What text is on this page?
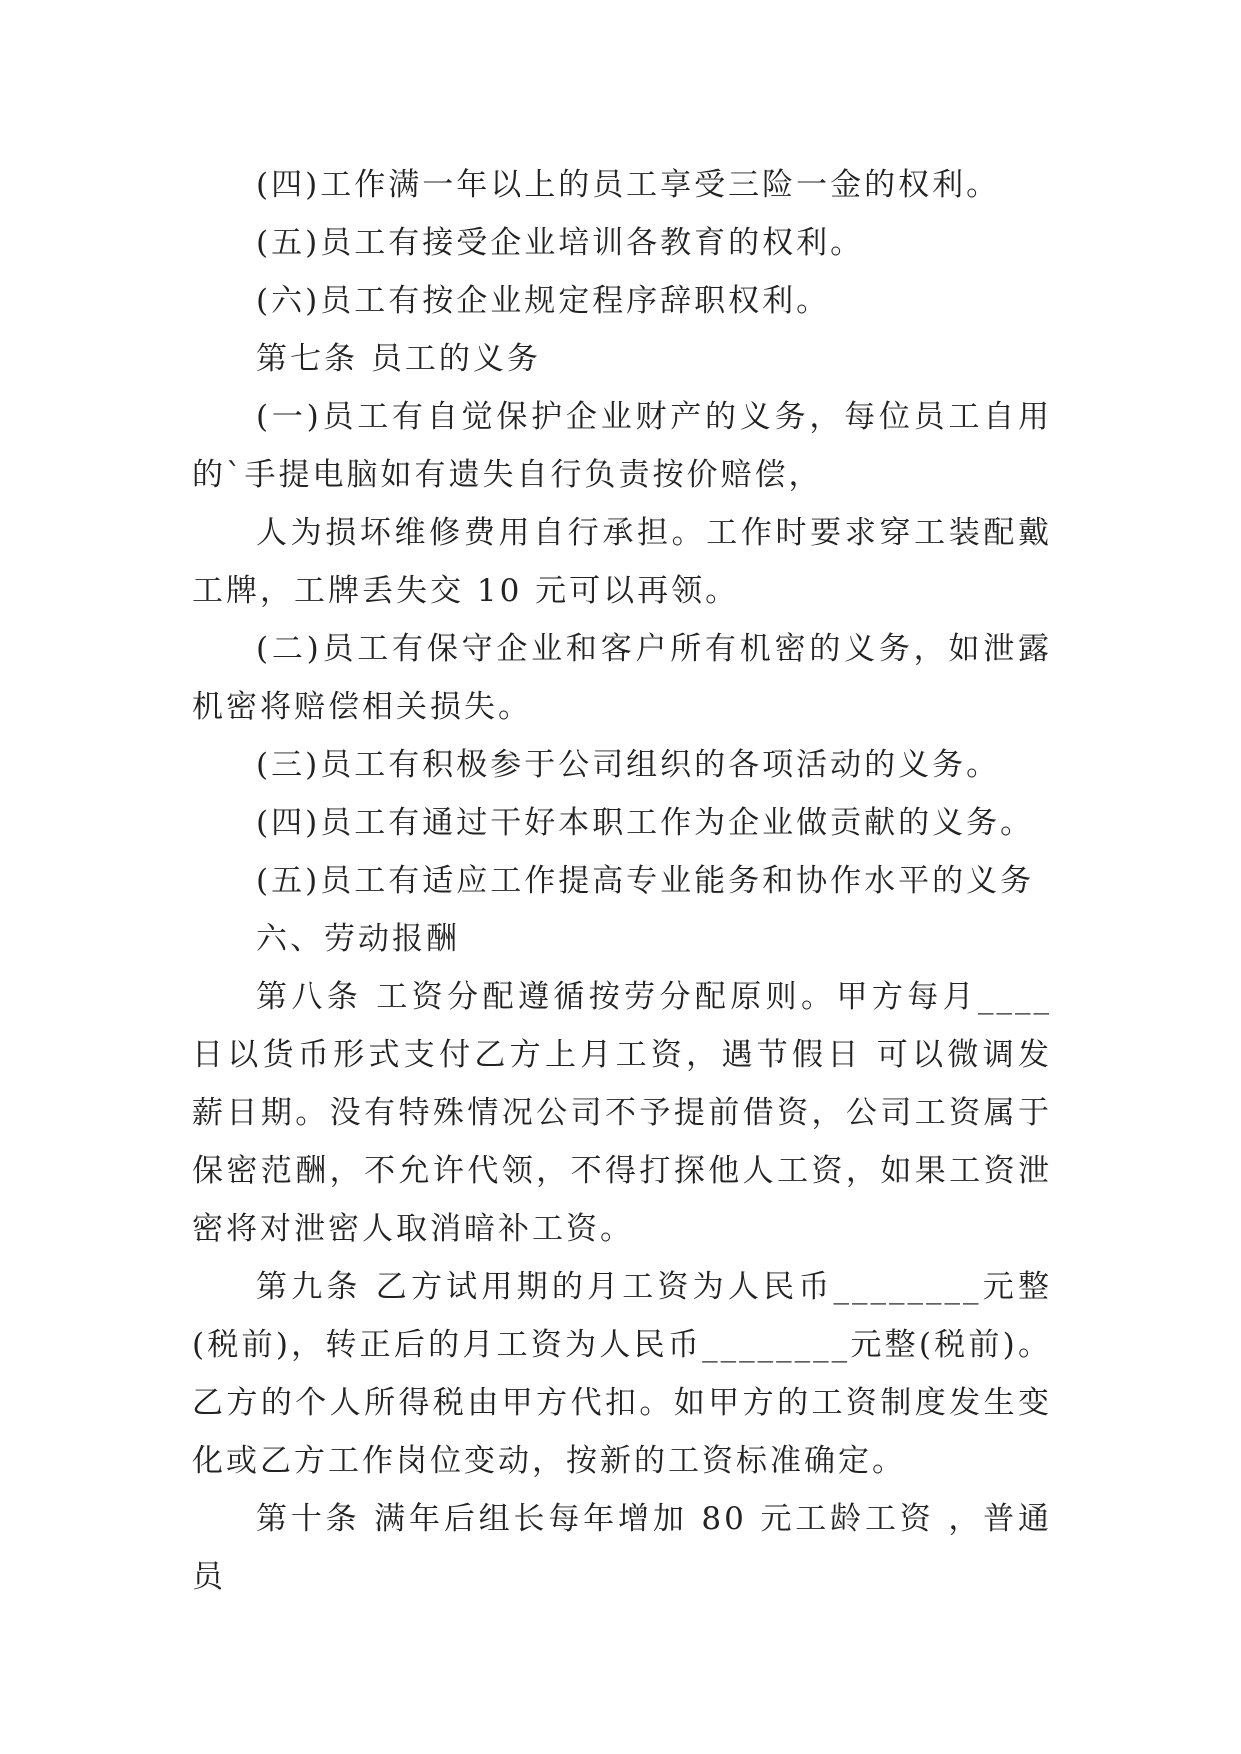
(四)工作满一年以上的员工享受三险一金的权利。

(五)员工有接受企业培训各教育的权利。

(六)员工有按企业规定程序辞职权利。

第七条 员工的义务

(一)员工有自觉保护企业财产的义务，每位员工自用的`手提电脑如有遗失自行负责按价赔偿，

人为损坏维修费用自行承担。工作时要求穿工装配戴工牌，工牌丢失交 10 元可以再领。

(二)员工有保守企业和客户所有机密的义务，如泄露机密将赔偿相关损失。

(三)员工有积极参于公司组织的各项活动的义务。

(四)员工有通过干好本职工作为企业做贡献的义务。

(五)员工有适应工作提高专业能务和协作水平的义务

六、劳动报酬

第八条 工资分配遵循按劳分配原则。甲方每月____日以货币形式支付乙方上月工资，遇节假日 可以微调发薪日期。没有特殊情况公司不予提前借资，公司工资属于保密范酬，不允许代领，不得打探他人工资，如果工资泄密将对泄密人取消暗补工资。

第九条 乙方试用期的月工资为人民币________元整(税前)，转正后的月工资为人民币________元整(税前)。乙方的个人所得税由甲方代扣。如甲方的工资制度发生变化或乙方工作岗位变动，按新的工资标准确定。

第十条 满年后组长每年增加 80 元工龄工资 ，普通员
